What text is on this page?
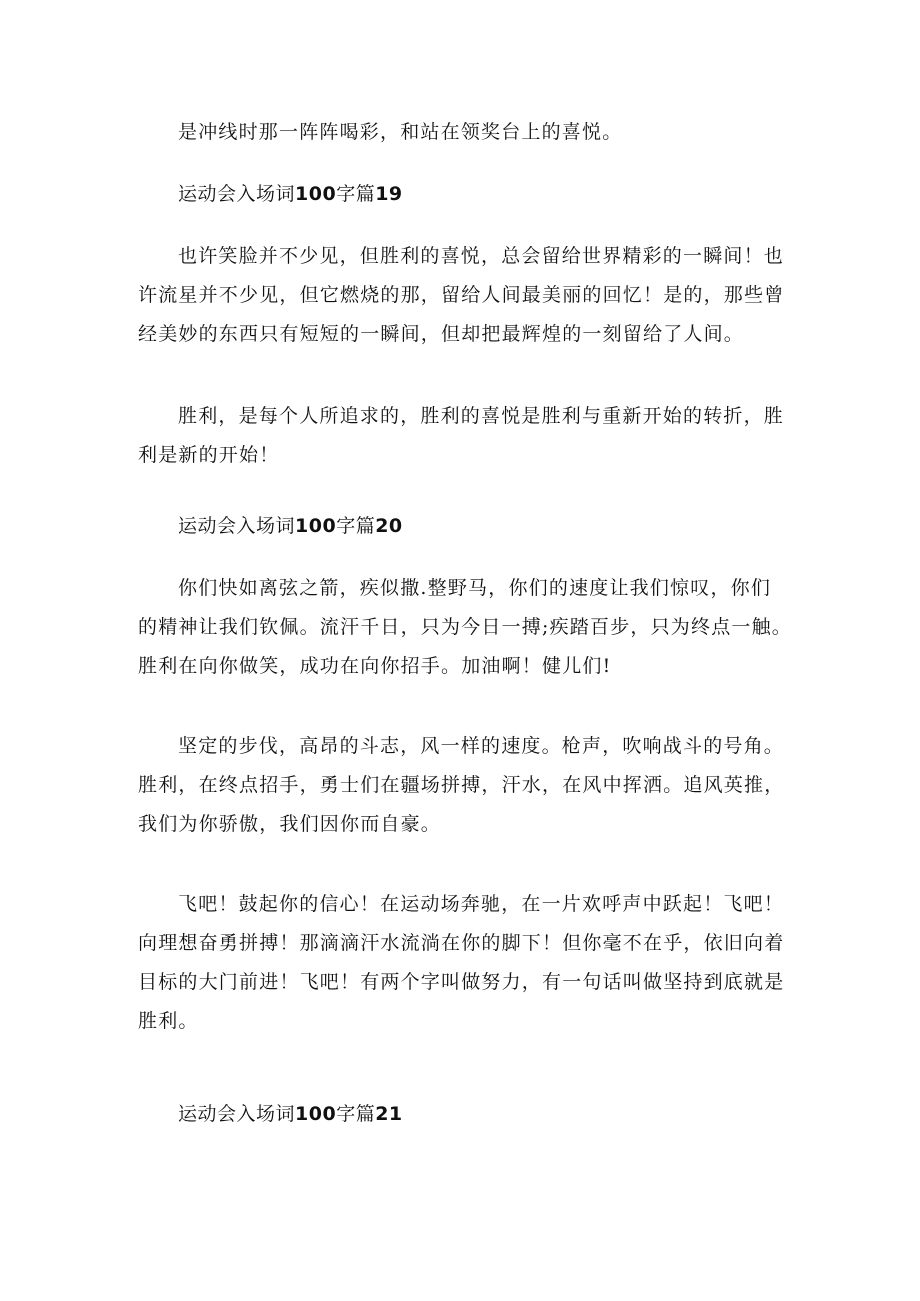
是冲线时那一阵阵喝彩，和站在领奖台上的喜悦。

运动会入场词100字篇19

也许笑脸并不少见，但胜利的喜悦，总会留给世界精彩的一瞬间！也
许流星并不少见，但它燃烧的那，留给人间最美丽的回忆！是的，那些曾
经美妙的东西只有短短的一瞬间，但却把最辉煌的一刻留给了人间。

胜利，是每个人所追求的，胜利的喜悦是胜利与重新开始的转折，胜
利是新的开始！

运动会入场词100字篇20

你们快如离弦之箭，疾似撒.整野马，你们的速度让我们惊叹，你们
的精神让我们钦佩。流汗千日，只为今日一搏;疾踏百步，只为终点一触。
胜利在向你做笑，成功在向你招手。加油啊！健儿们!

坚定的步伐，高昂的斗志，风一样的速度。枪声，吹响战斗的号角。
胜利，在终点招手，勇士们在疆场拼搏，汗水，在风中挥洒。追风英推，
我们为你骄傲，我们因你而自豪。

飞吧！鼓起你的信心！在运动场奔驰，在一片欢呼声中跃起！飞吧！
向理想奋勇拼搏！那滴滴汗水流淌在你的脚下！但你毫不在乎，依旧向着
目标的大门前进！飞吧！有两个字叫做努力，有一句话叫做坚持到底就是
胜利。

运动会入场词100字篇21
